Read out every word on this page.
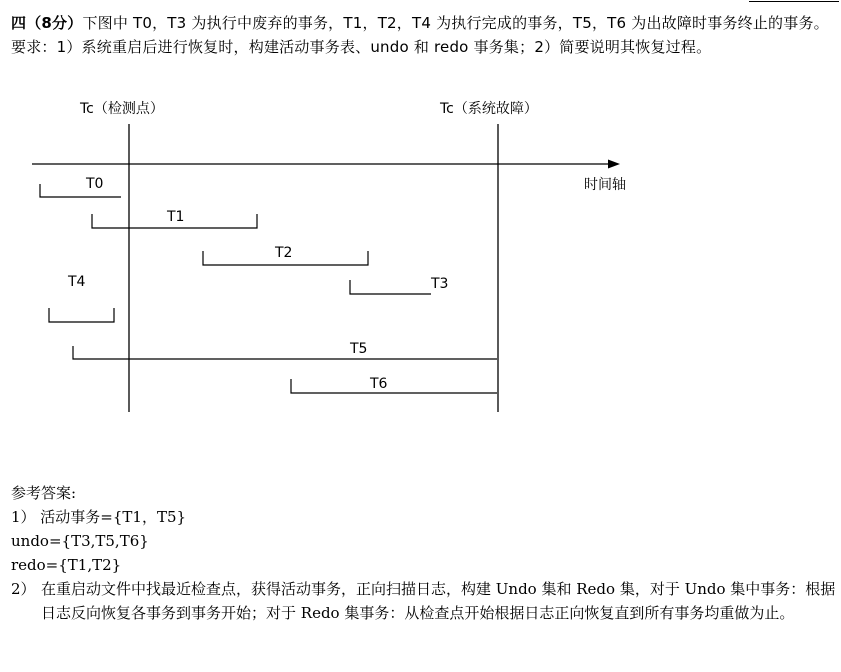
四（8分）下图中 T0，T3 为执行中废弃的事务，T1，T2，T4 为执行完成的事务，T5，T6 为出故障时事务终止的事务。要求：1）系统重启后进行恢复时，构建活动事务表、undo 和 redo 事务集；2）简要说明其恢复过程。
Tc（检测点）	Tc（系统故障）
时间轴
T0
T1
T2
T3
T4
T5
T6
参考答案:
1） 活动事务={T1，T5}
undo={T3,T5,T6}
redo={T1,T2}
2） 在重启动文件中找最近检查点，获得活动事务，正向扫描日志，构建 Undo 集和 Redo 集，对于 Undo 集中事务：根据日志反向恢复各事务到事务开始；对于 Redo 集事务：从检查点开始根据日志正向恢复直到所有事务均重做为止。
